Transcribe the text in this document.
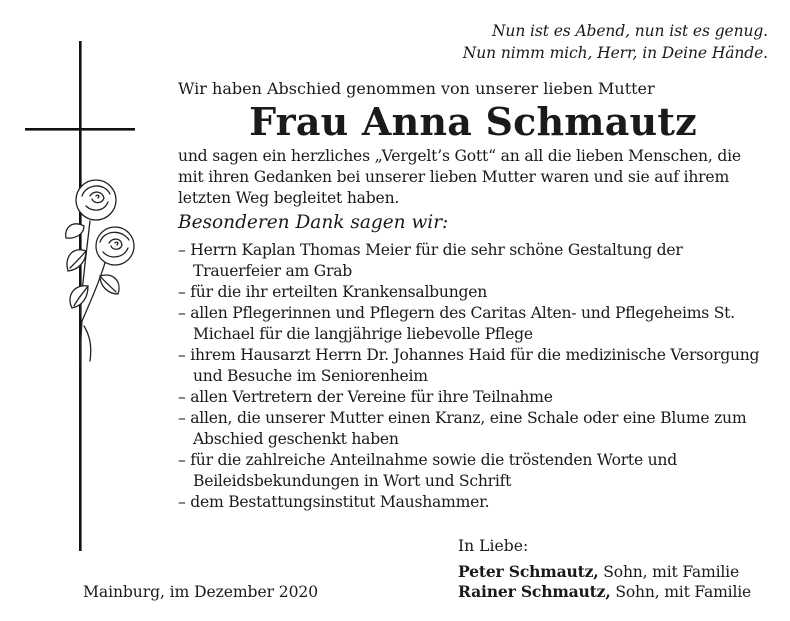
Nun ist es Abend, nun ist es genug.
Nun nimm mich, Herr, in Deine Hände.
Wir haben Abschied genommen von unserer lieben Mutter
Frau Anna Schmautz
und sagen ein herzliches „Vergelt’s Gott“ an all die lieben Menschen, die mit ihren Gedanken bei unserer lieben Mutter waren und sie auf ihrem letzten Weg begleitet haben.
Besonderen Dank sagen wir:
– Herrn Kaplan Thomas Meier für die sehr schöne Gestaltung der Trauerfeier am Grab
– für die ihr erteilten Krankensalbungen
– allen Pflegerinnen und Pflegern des Caritas Alten- und Pflegeheims St. Michael für die langjährige liebevolle Pflege
– ihrem Hausarzt Herrn Dr. Johannes Haid für die medizinische Versorgung und Besuche im Seniorenheim
– allen Vertretern der Vereine für ihre Teilnahme
– allen, die unserer Mutter einen Kranz, eine Schale oder eine Blume zum Abschied geschenkt haben
– für die zahlreiche Anteilnahme sowie die tröstenden Worte und Beileidsbekundungen in Wort und Schrift
– dem Bestattungsinstitut Maushammer.
In Liebe:
Peter Schmautz, Sohn, mit Familie
Rainer Schmautz, Sohn, mit Familie
Mainburg, im Dezember 2020
